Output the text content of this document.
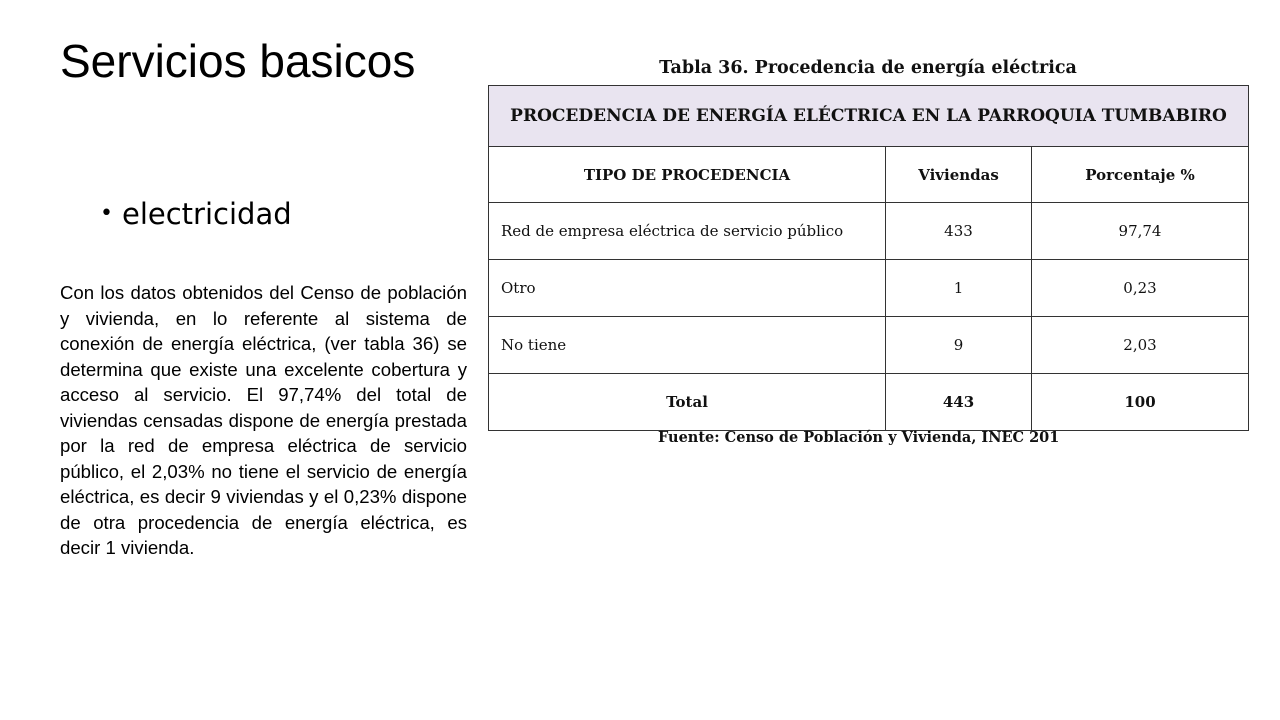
Servicios basicos
• electricidad

Con los datos obtenidos del Censo de población y vivienda, en lo referente al sistema de conexión de energía eléctrica, (ver tabla 36) se determina que existe una excelente cobertura y acceso al servicio. El 97,74% del total de viviendas censadas dispone de energía prestada por la red de empresa eléctrica de servicio público, el 2,03% no tiene el servicio de energía eléctrica, es decir 9 viviendas y el 0,23% dispone de otra procedencia de energía eléctrica, es decir 1 vivienda.

Tabla 36. Procedencia de energía eléctrica
PROCEDENCIA DE ENERGÍA ELÉCTRICA EN LA PARROQUIA TUMBABIRO		
TIPO DE PROCEDENCIA	Viviendas	Porcentaje %
Red de empresa eléctrica de servicio público	433	97,74
Otro	1	0,23
No tiene	9	2,03
Total	443	100
Fuente: Censo de Población y Vivienda, INEC 201
